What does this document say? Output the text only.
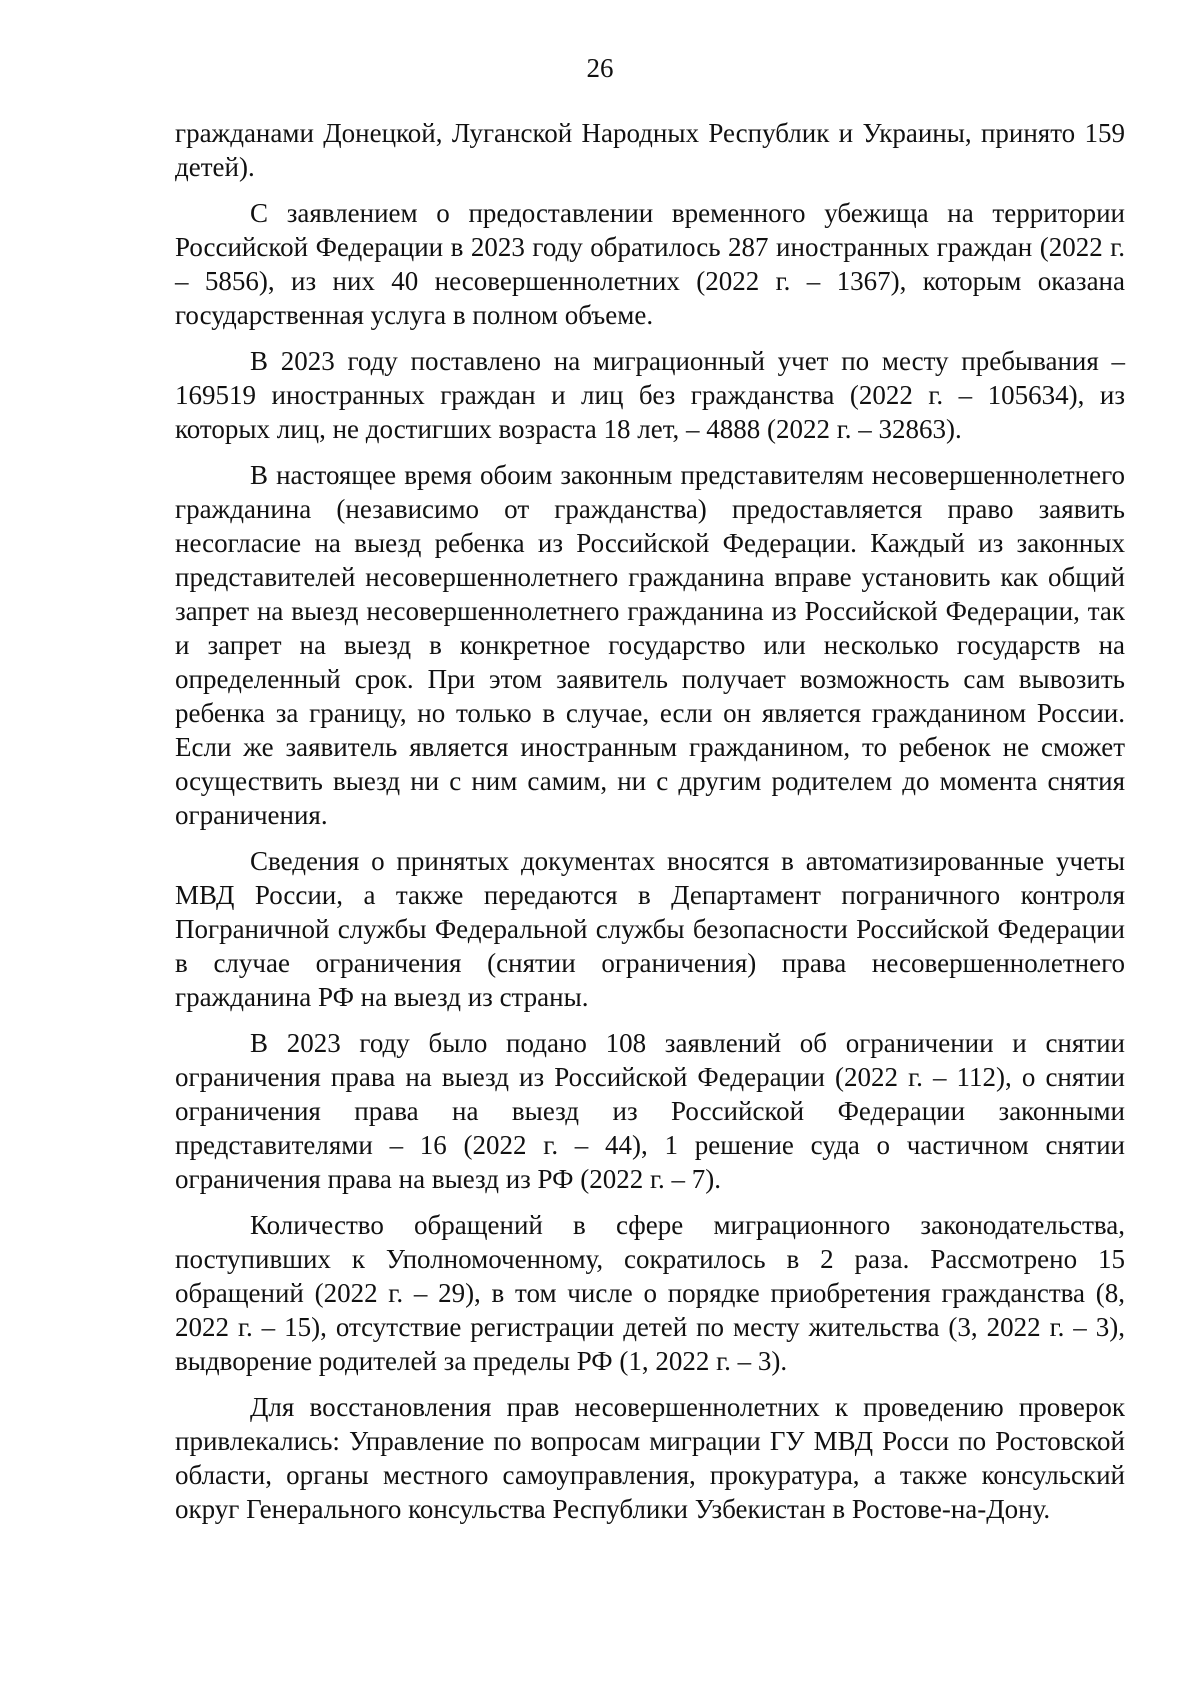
26

гражданами Донецкой, Луганской Народных Республик и Украины, принято 159 детей).

С заявлением о предоставлении временного убежища на территории Российской Федерации в 2023 году обратилось 287 иностранных граждан (2022 г. – 5856), из них 40 несовершеннолетних (2022 г. – 1367), которым оказана государственная услуга в полном объеме.

В 2023 году поставлено на миграционный учет по месту пребывания – 169519 иностранных граждан и лиц без гражданства (2022 г. – 105634), из которых лиц, не достигших возраста 18 лет, – 4888 (2022 г. – 32863).

В настоящее время обоим законным представителям несовершеннолетнего гражданина (независимо от гражданства) предоставляется право заявить несогласие на выезд ребенка из Российской Федерации. Каждый из законных представителей несовершеннолетнего гражданина вправе установить как общий запрет на выезд несовершеннолетнего гражданина из Российской Федерации, так и запрет на выезд в конкретное государство или несколько государств на определенный срок. При этом заявитель получает возможность сам вывозить ребенка за границу, но только в случае, если он является гражданином России. Если же заявитель является иностранным гражданином, то ребенок не сможет осуществить выезд ни с ним самим, ни с другим родителем до момента снятия ограничения.

Сведения о принятых документах вносятся в автоматизированные учеты МВД России, а также передаются в Департамент пограничного контроля Пограничной службы Федеральной службы безопасности Российской Федерации в случае ограничения (снятии ограничения) права несовершеннолетнего гражданина РФ на выезд из страны.

В 2023 году было подано 108 заявлений об ограничении и снятии ограничения права на выезд из Российской Федерации (2022 г. – 112), о снятии ограничения права на выезд из Российской Федерации законными представителями – 16 (2022 г. – 44), 1 решение суда о частичном снятии ограничения права на выезд из РФ (2022 г. – 7).

Количество обращений в сфере миграционного законодательства, поступивших к Уполномоченному, сократилось в 2 раза. Рассмотрено 15 обращений (2022 г. – 29), в том числе о порядке приобретения гражданства (8, 2022 г. – 15), отсутствие регистрации детей по месту жительства (3, 2022 г. – 3), выдворение родителей за пределы РФ (1, 2022 г. – 3).

Для восстановления прав несовершеннолетних к проведению проверок привлекались: Управление по вопросам миграции ГУ МВД Росси по Ростовской области, органы местного самоуправления, прокуратура, а также консульский округ Генерального консульства Республики Узбекистан в Ростове-на-Дону.
